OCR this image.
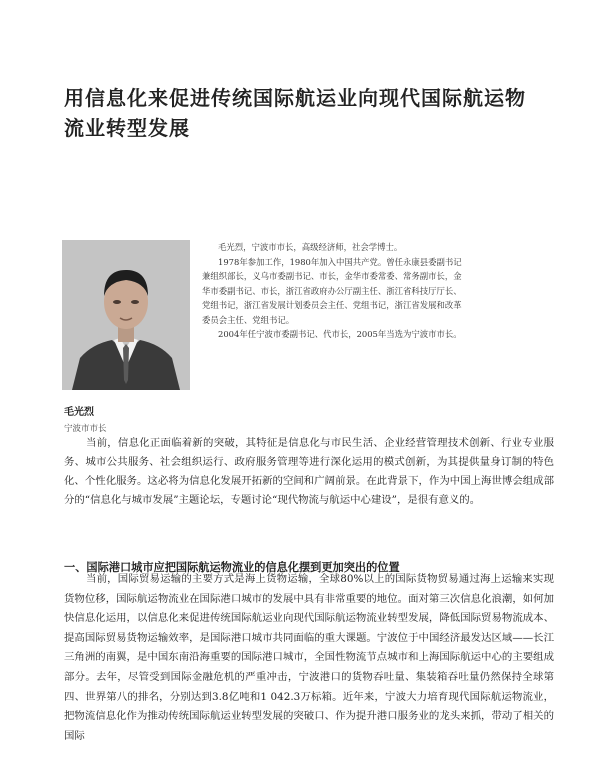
用信息化来促进传统国际航运业向现代国际航运物流业转型发展

毛光烈，宁波市市长，高级经济师，社会学博士。

1978年参加工作，1980年加入中国共产党。曾任永康县委副书记兼组织部长，义乌市委副书记、市长，金华市委常委、常务副市长，金华市委副书记、市长，浙江省政府办公厅副主任、浙江省科技厅厅长、党组书记，浙江省发展计划委员会主任、党组书记，浙江省发展和改革委员会主任、党组书记。

2004年任宁波市委副书记、代市长，2005年当选为宁波市市长。

毛光烈
宁波市市长

当前，信息化正面临着新的突破，其特征是信息化与市民生活、企业经营管理技术创新、行业专业服务、城市公共服务、社会组织运行、政府服务管理等进行深化运用的模式创新，为其提供量身订制的特色化、个性化服务。这必将为信息化发展开拓新的空间和广阔前景。在此背景下，作为中国上海世博会组成部分的“信息化与城市发展”主题论坛，专题讨论“现代物流与航运中心建设”，是很有意义的。

一、国际港口城市应把国际航运物流业的信息化摆到更加突出的位置

当前，国际贸易运输的主要方式是海上货物运输，全球80%以上的国际货物贸易通过海上运输来实现货物位移，国际航运物流业在国际港口城市的发展中具有非常重要的地位。面对第三次信息化浪潮，如何加快信息化运用，以信息化来促进传统国际航运业向现代国际航运物流业转型发展，降低国际贸易物流成本、提高国际贸易货物运输效率，是国际港口城市共同面临的重大课题。宁波位于中国经济最发达区域——长江三角洲的南翼，是中国东南沿海重要的国际港口城市，全国性物流节点城市和上海国际航运中心的主要组成部分。去年，尽管受到国际金融危机的严重冲击，宁波港口的货物吞吐量、集装箱吞吐量仍然保持全球第四、世界第八的排名，分别达到3.8亿吨和1 042.3万标箱。近年来，宁波大力培育现代国际航运物流业，把物流信息化作为推动传统国际航运业转型发展的突破口、作为提升港口服务业的龙头来抓，带动了相关的国际
